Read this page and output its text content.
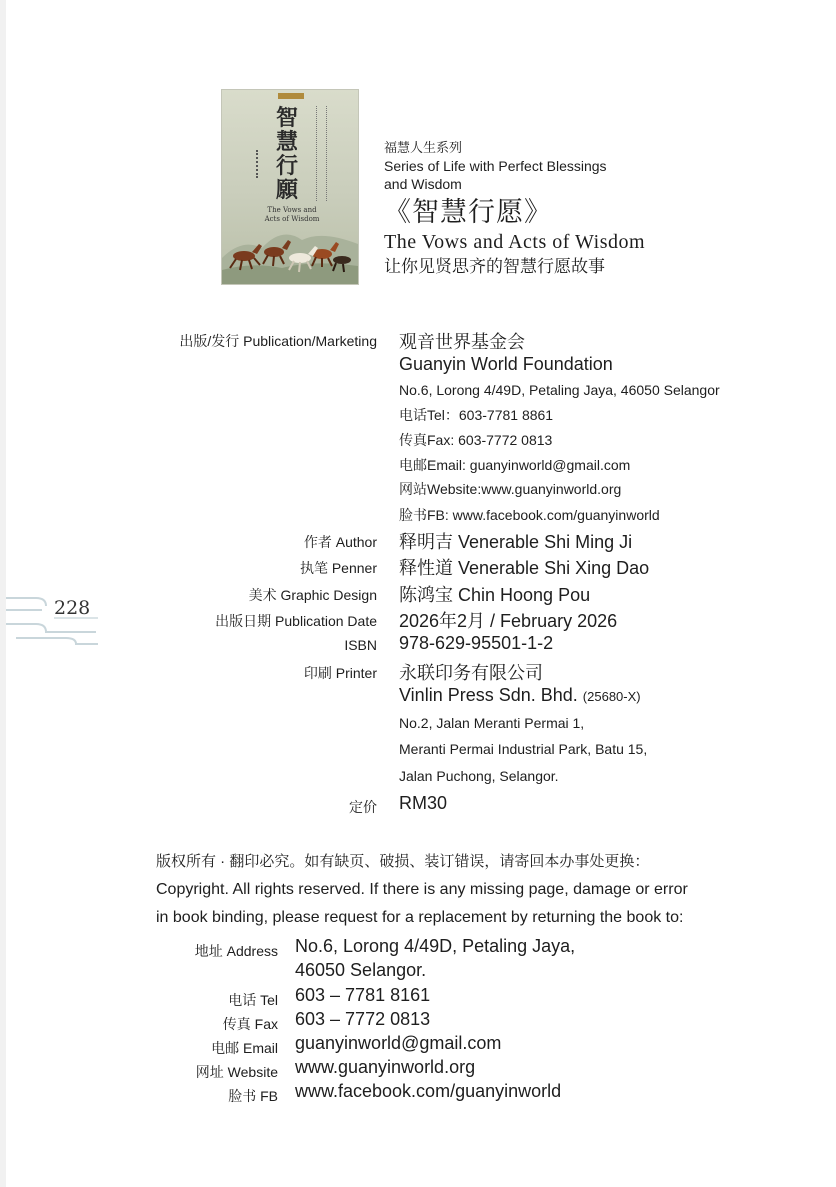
智慧行願
The Vows and Acts of Wisdom
福慧人生系列
Series of Life with Perfect Blessings
and Wisdom
《智慧行愿》
The Vows and Acts of Wisdom
让你见贤思齐的智慧行愿故事
228
出版/发行 Publication/Marketing 观音世界基金会
Guanyin World Foundation
No.6, Lorong 4/49D, Petaling Jaya, 46050 Selangor
电话Tel：603-7781 8861
传真Fax: 603-7772 0813
电邮Email: guanyinworld@gmail.com
网站Website:www.guanyinworld.org
脸书FB: www.facebook.com/guanyinworld
作者 Author 释明吉 Venerable Shi Ming Ji
执笔 Penner 释性道 Venerable Shi Xing Dao
美术 Graphic Design 陈鸿宝 Chin Hoong Pou
出版日期 Publication Date 2026年2月 / February 2026
ISBN 978-629-95501-1-2
印刷 Printer 永联印务有限公司
Vinlin Press Sdn. Bhd. (25680-X)
No.2, Jalan Meranti Permai 1,
Meranti Permai Industrial Park, Batu 15,
Jalan Puchong, Selangor.
定价 RM30
版权所有 · 翻印必究。如有缺页、破损、装订错误，请寄回本办事处更换：
Copyright. All rights reserved. If there is any missing page, damage or error
in book binding, please request for a replacement by returning the book to:
地址 Address No.6, Lorong 4/49D, Petaling Jaya,
46050 Selangor.
电话 Tel 603 – 7781 8161
传真 Fax 603 – 7772 0813
电邮 Email guanyinworld@gmail.com
网址 Website www.guanyinworld.org
脸书 FB www.facebook.com/guanyinworld
